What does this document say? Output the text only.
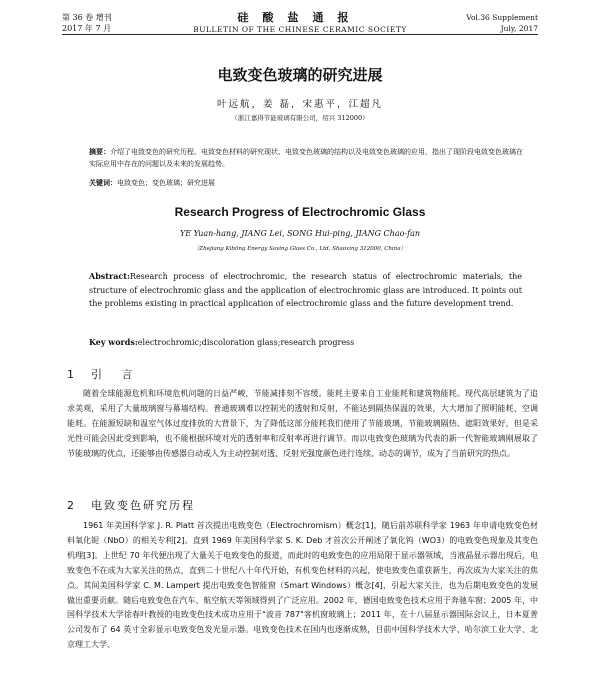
第 36 卷 增刊
2017 年 7 月
硅酸盐通报
BULLETIN OF THE CHINESE CERAMIC SOCIETY
Vol.36 Supplement
July, 2017
电致变色玻璃的研究进展
叶远航，姜 磊，宋惠平，江超凡
（浙江嘉得节能玻璃有限公司，绍兴 312000）
摘要：介绍了电致变色的研究历程、电致变色材料的研究现状、电致变色玻璃的结构以及电致变色玻璃的应用，指出了现阶段电致变色玻璃在实际应用中存在的问题以及未来的发展趋势。
关键词：电致变色；变色玻璃；研究进展
Research Progress of Electrochromic Glass
YE Yuan-hang, JIANG Lei, SONG Hui-ping, JIANG Chao-fan
（Zhejiang Kibling Energy Saving Glass Co., Ltd, Shaoxing 312000, China）
Abstract:Research process of electrochromic, the research status of electrochromic materials, the structure of electrochromic glass and the application of electrochromic glass are introduced. It points out the problems existing in practical application of electrochromic glass and the future development trend.
Key words:electrochromic;discoloration glass;research progress
1 引 言

随着全球能源危机和环境危机问题的日益严峻，节能减排刻不容缓。能耗主要来自工业能耗和建筑物能耗。现代高层建筑为了追求美观，采用了大量玻璃窗与幕墙结构。普通玻璃难以控制光的透射和反射，不能达到隔热保温的效果，大大增加了照明能耗、空调能耗。在能源短缺和温室气体过度排放的大背景下，为了降低这部分能耗我们使用了节能玻璃，节能玻璃隔热、遮阳效果好，但是采光性可能会因此受到影响，也不能根据环境对光的透射率和反射率再进行调节。而以电致变色玻璃为代表的新一代智能玻璃刚展取了节能玻璃的优点，还能够由传感器自动或人为主动控制对透、反射光强度颜色进行连续、动态的调节，成为了当前研究的热点。

2 电致变色研究历程

1961 年美国科学家 J. R. Platt 首次提出电致变色（Electrochromism）概念[1]，随后前苏联科学家 1963 年申请电致变色材料氧化铌（NbO）的相关专利[2]。直到 1969 年美国科学家 S. K. Deb 才首次公开阐述了氧化钨（WO3）的电致变色现象及其变色机理[3]。上世纪 70 年代便出现了大量关于电致变色的报道，而此时的电致变色的应用局限于显示器领域，当液晶显示器出现后，电致变色不在成为大家关注的热点，直到二十世纪八十年代开始，有机变色材料的兴起，使电致变色重获新生，再次成为大家关注的焦点。其间美国科学家 C. M. Lampert 提出电致变色智能窗（Smart Windows）概念[4]，引起大家关注，也为后期电致变色的发展做出重要贡献。随后电致变色在汽车、航空航天等领域得到了广泛应用。2002 年，德国电致变色技术应用于奔驰车窗；2005 年，中国科学技术大学徐春叶教授的电致变色技术成功应用于"波音 787"客机窗玻璃上；2011 年，在十八届显示器国际会议上，日本夏普公司发布了 64 英寸全彩显示电致变色发光显示器。电致变色技术在国内也逐渐成熟，目前中国科学技术大学、哈尔滨工业大学、北京理工大学、
